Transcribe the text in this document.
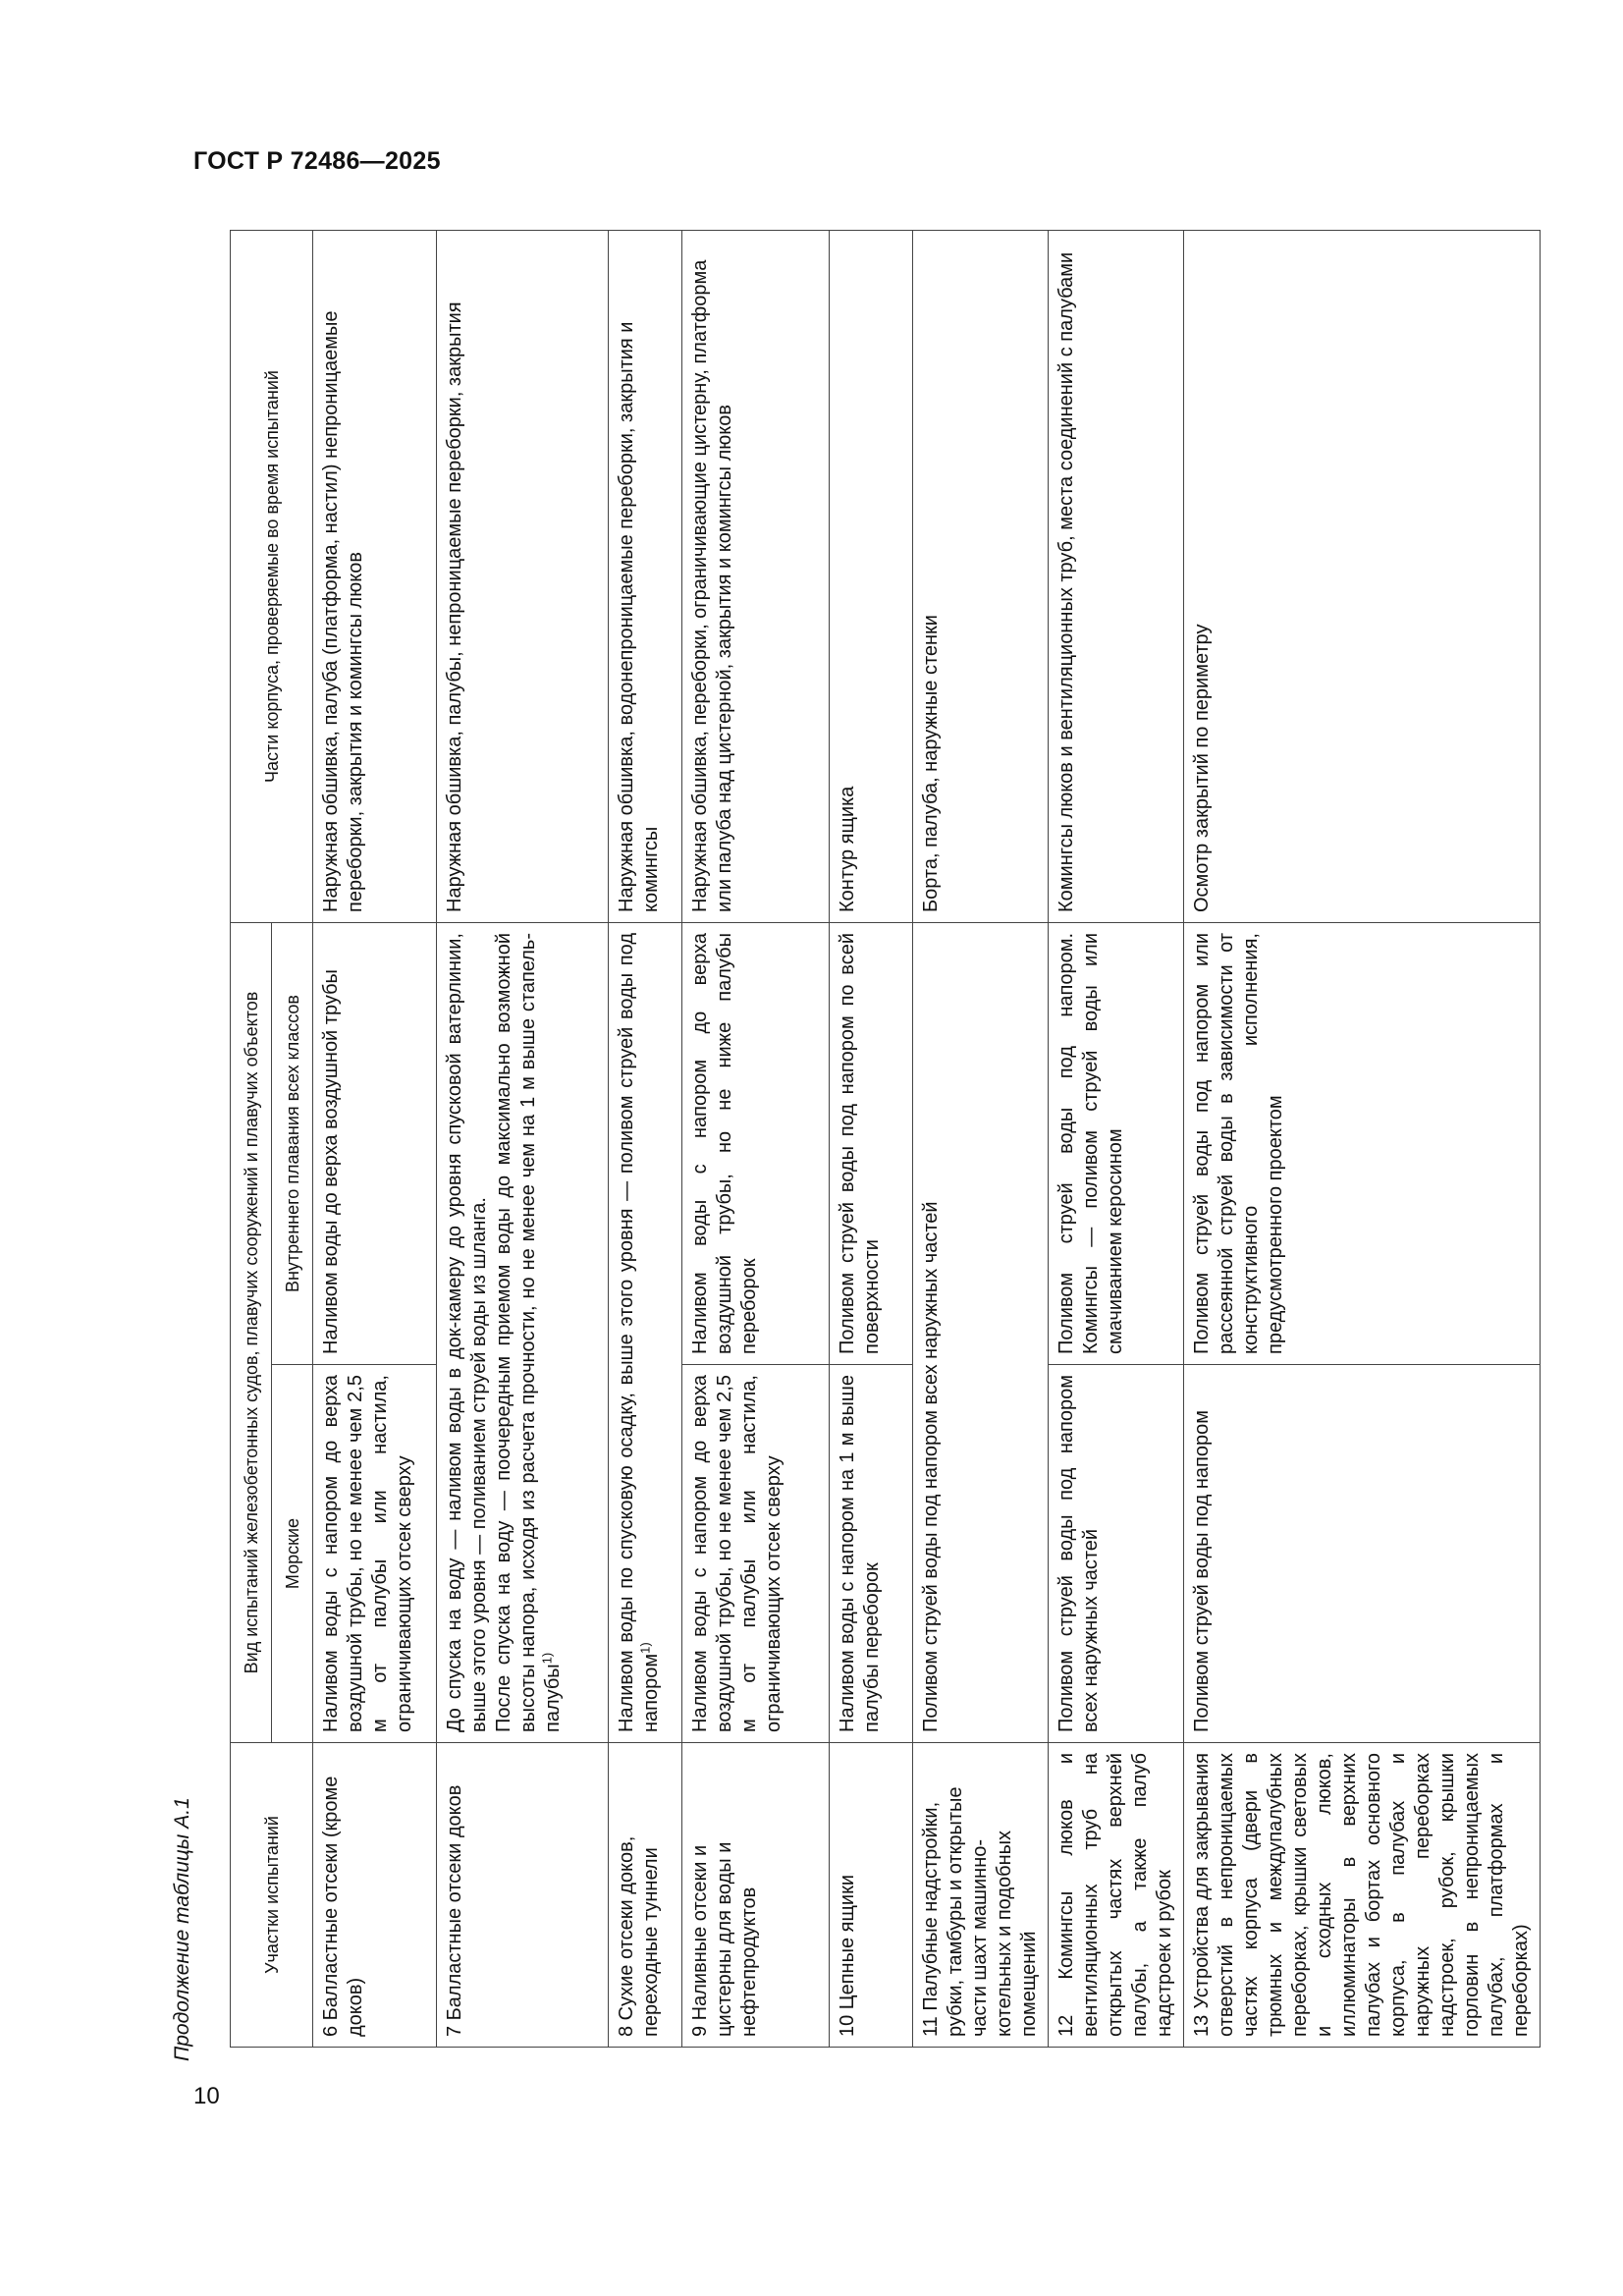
ГОСТ Р 72486—2025
Продолжение таблицы А.1
10
Участки испытаний	Вид испытаний железобетонных судов, плавучих сооружений и плавучих объектов		Части корпуса, проверяемые во время испытаний
	Морские	Внутреннего плавания всех классов	
6 Балластные отсеки (кроме доков)	Наливом воды с напором до верха воздушной трубы, но не менее чем 2,5 м от палубы или настила, ограничивающих отсек сверху	Наливом воды до верха воздушной трубы	Наружная обшивка, палуба (платформа, настил) непроницаемые переборки, закрытия и комингсы люков
7 Балластные отсеки доков	До спуска на воду — наливом воды в док-камеру до уровня спусковой ватерлинии, выше этого уровня — поливанием струей воды из шланга. После спуска на воду — поочередным приемом воды до максимально возможной высоты напора, исходя из расчета прочности, но не менее чем на 1 м выше стапель-палубы$^{1)}$		Наружная обшивка, палубы, непроницаемые переборки, закрытия
8 Сухие отсеки доков, переходные туннели	Наливом воды по спусковую осадку, выше этого уровня — поливом струей воды под напором$^{1)}$		Наружная обшивка, водонепроницаемые переборки, закрытия и комингсы
9 Наливные отсеки и цистерны для воды и нефтепродуктов	Наливом воды с напором до верха воздушной трубы, но не менее чем 2,5 м от палубы или настила, ограничивающих отсек сверху	Наливом воды с напором до верха воздушной трубы, но не ниже палубы переборок	Наружная обшивка, переборки, ограничивающие цистерну, платформа или палуба над цистерной, закрытия и комингсы люков
10 Цепные ящики	Наливом воды с напором на 1 м выше палубы переборок	Поливом струей воды под напором по всей поверхности	Контур ящика
11 Палубные надстройки, рубки, тамбуры и открытые части шахт машинно-котельных и подобных помещений	Поливом струей воды под напором всех наружных частей		Борта, палуба, наружные стенки
12 Комингсы люков и вентиляционных труб на открытых частях верхней палубы, а также палуб надстроек и рубок	Поливом струей воды под напором всех наружных частей	Поливом струей воды под напором. Комингсы — поливом струей воды или смачиванием керосином	Комингсы люков и вентиляционных труб, места соединений с палубами
13 Устройства для закрывания отверстий в непроницаемых частях корпуса (двери в трюмных и междупалубных переборках, крышки световых и сходных люков, иллюминаторы в верхних палубах и бортах основного корпуса, в палубах и наружных переборках надстроек, рубок, крышки горловин в непроницаемых палубах, платформах и переборках)	Поливом струей воды под напором	Поливом струей воды под напором или рассеянной струей воды в зависимости от конструктивного исполнения, предусмотренного проектом	Осмотр закрытий по периметру
